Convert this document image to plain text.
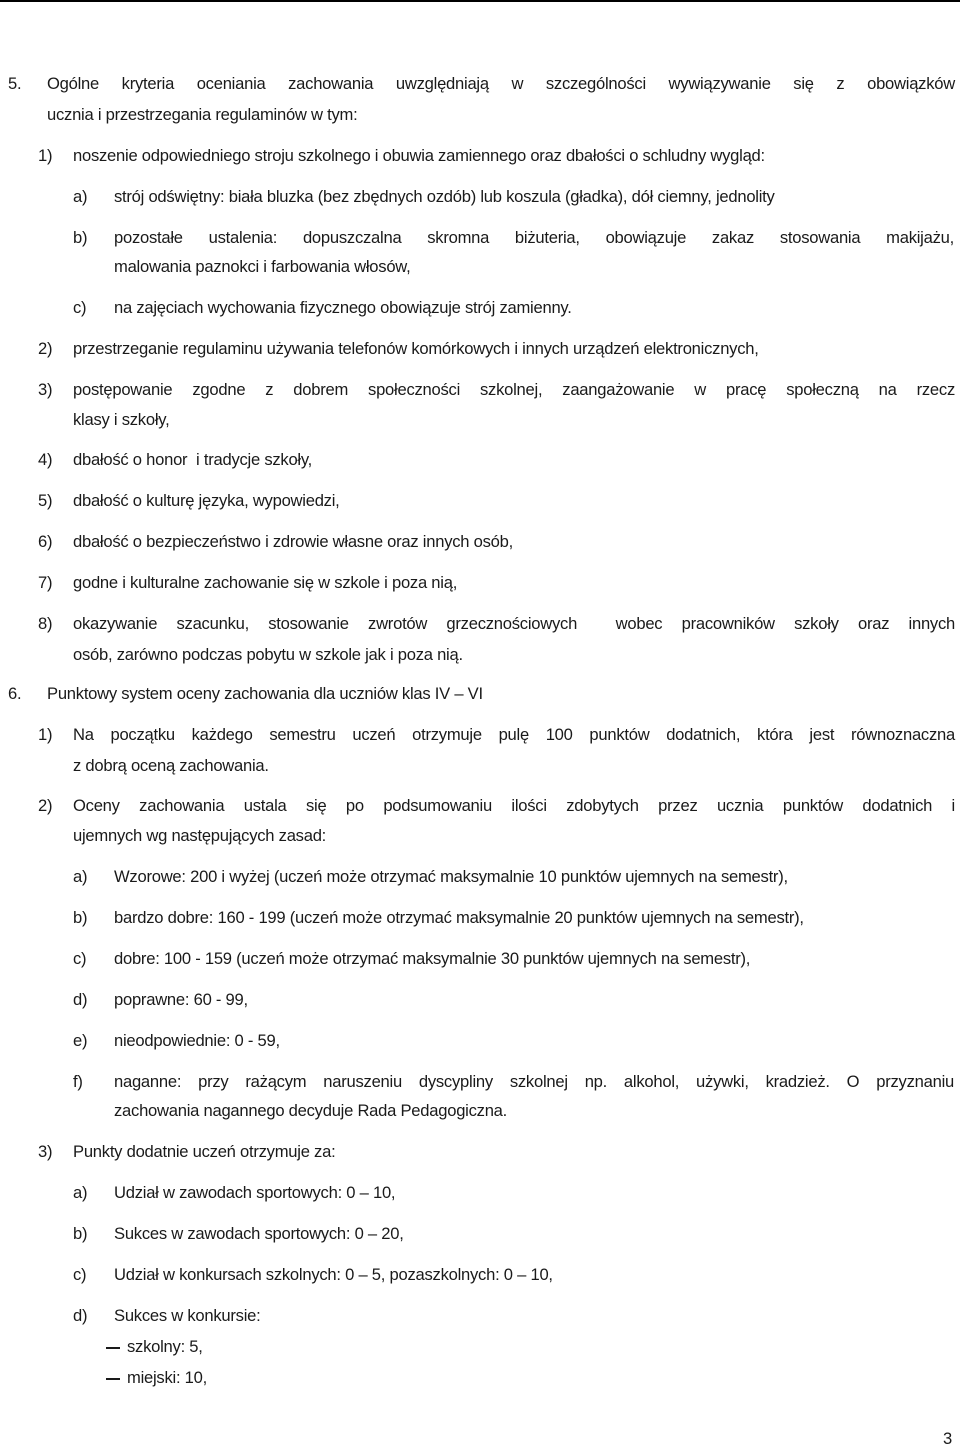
5. Ogólne kryteria oceniania zachowania uwzględniają w szczególności wywiązywanie się z obowiązków
ucznia i przestrzegania regulaminów w tym:
1) noszenie odpowiedniego stroju szkolnego i obuwia zamiennego oraz dbałości o schludny wygląd:
a) strój odświętny: biała bluzka (bez zbędnych ozdób) lub koszula (gładka), dół ciemny, jednolity
b) pozostałe ustalenia: dopuszczalna skromna biżuteria, obowiązuje zakaz stosowania makijażu,
malowania paznokci i farbowania włosów,
c) na zajęciach wychowania fizycznego obowiązuje strój zamienny.
2) przestrzeganie regulaminu używania telefonów komórkowych i innych urządzeń elektronicznych,
3) postępowanie zgodne z dobrem społeczności szkolnej, zaangażowanie w pracę społeczną na rzecz
klasy i szkoły,
4) dbałość o honor  i tradycje szkoły,
5) dbałość o kulturę języka, wypowiedzi,
6) dbałość o bezpieczeństwo i zdrowie własne oraz innych osób,
7) godne i kulturalne zachowanie się w szkole i poza nią,
8) okazywanie szacunku, stosowanie zwrotów grzecznościowych  wobec pracowników szkoły oraz innych
osób, zarówno podczas pobytu w szkole jak i poza nią.
6. Punktowy system oceny zachowania dla uczniów klas IV – VI
1) Na początku każdego semestru uczeń otrzymuje pulę 100 punktów dodatnich, która jest równoznaczna
z dobrą oceną zachowania.
2) Oceny zachowania ustala się po podsumowaniu ilości zdobytych przez ucznia punktów dodatnich i
ujemnych wg następujących zasad:
a) Wzorowe: 200 i wyżej (uczeń może otrzymać maksymalnie 10 punktów ujemnych na semestr),
b) bardzo dobre: 160 - 199 (uczeń może otrzymać maksymalnie 20 punktów ujemnych na semestr),
c) dobre: 100 - 159 (uczeń może otrzymać maksymalnie 30 punktów ujemnych na semestr),
d) poprawne: 60 - 99,
e) nieodpowiednie: 0 - 59,
f) naganne: przy rażącym naruszeniu dyscypliny szkolnej np. alkohol, używki, kradzież. O przyznaniu
zachowania nagannego decyduje Rada Pedagogiczna.
3) Punkty dodatnie uczeń otrzymuje za:
a) Udział w zawodach sportowych: 0 – 10,
b) Sukces w zawodach sportowych: 0 – 20,
c) Udział w konkursach szkolnych: 0 – 5, pozaszkolnych: 0 – 10,
d) Sukces w konkursie:
szkolny: 5,
miejski: 10,
3
